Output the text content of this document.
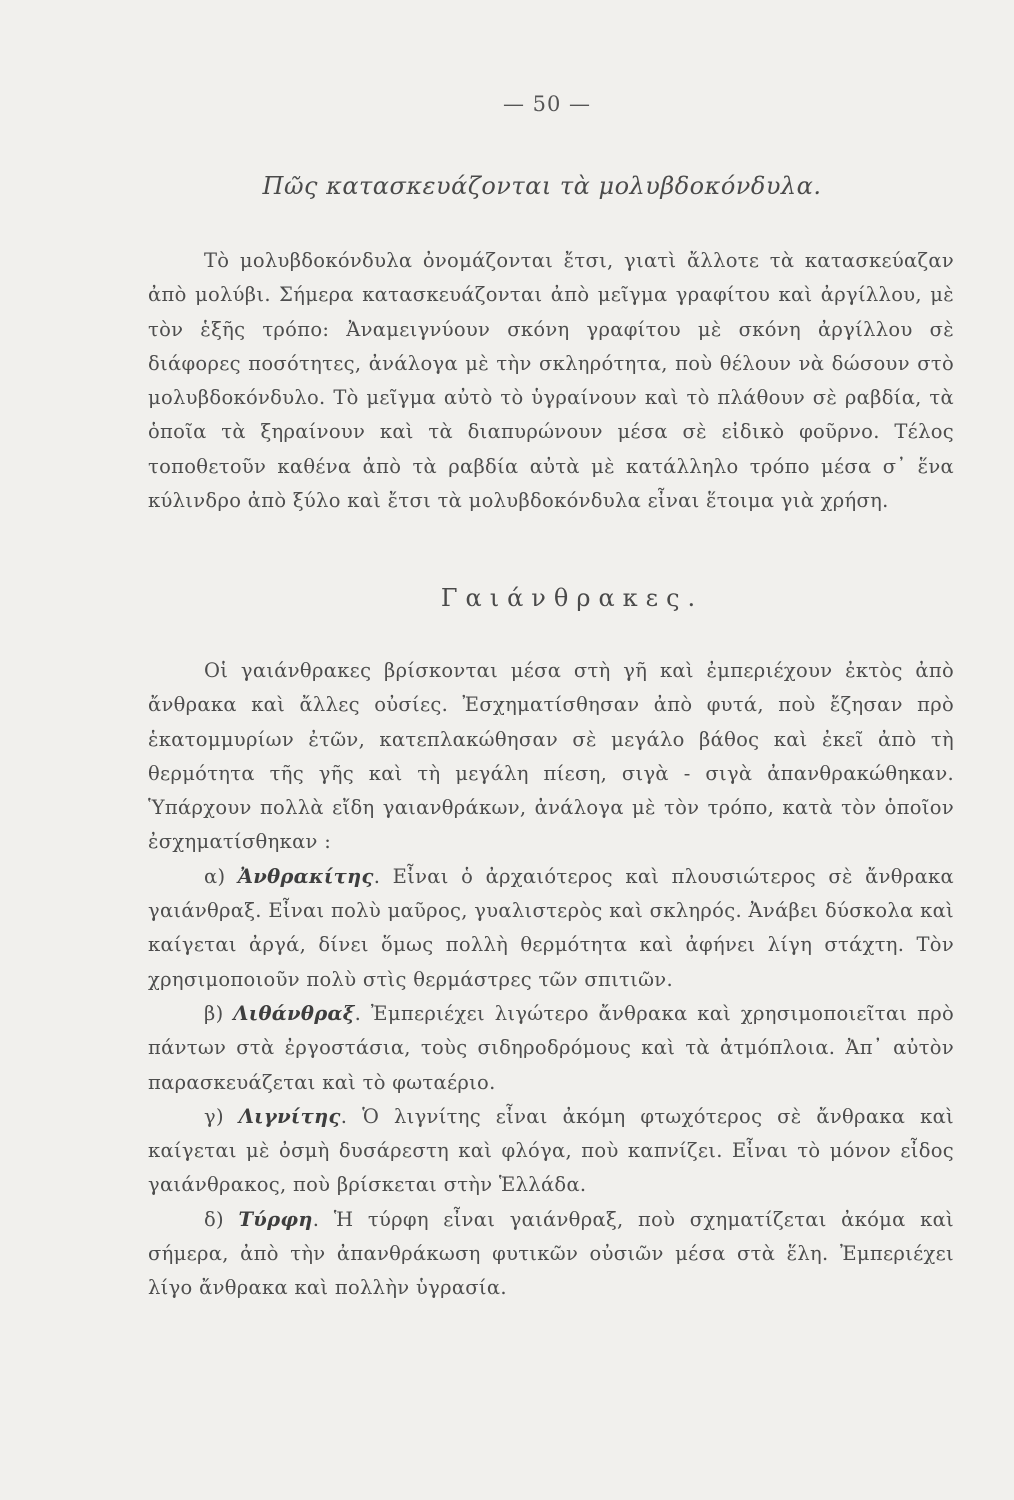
— 50 —
Πῶς κατασκευάζονται τὰ μολυβδοκόνδυλα.

Τὸ μολυβδοκόνδυλα ὀνομάζονται ἔτσι, γιατὶ ἄλλοτε τὰ κατασκεύαζαν ἀπὸ μολύβι. Σήμερα κατασκευάζονται ἀπὸ μεῖγμα γραφίτου καὶ ἀργίλλου, μὲ τὸν ἑξῆς τρόπο: Ἀναμειγνύουν σκόνη γραφίτου μὲ σκόνη ἀργίλλου σὲ διάφορες ποσότητες, ἀνάλογα μὲ τὴν σκληρότητα, ποὺ θέλουν νὰ δώσουν στὸ μολυβδοκόνδυλο. Τὸ μεῖγμα αὐτὸ τὸ ὑγραίνουν καὶ τὸ πλάθουν σὲ ραβδία, τὰ ὁποῖα τὰ ξηραίνουν καὶ τὰ διαπυρώνουν μέσα σὲ εἰδικὸ φοῦρνο. Τέλος τοποθετοῦν καθένα ἀπὸ τὰ ραβδία αὐτὰ μὲ κατάλληλο τρόπο μέσα σ᾿ ἕνα κύλινδρο ἀπὸ ξύλο καὶ ἔτσι τὰ μολυβδοκόνδυλα εἶναι ἕτοιμα γιὰ χρήση.

Γαιάνθρακες.

Οἱ γαιάνθρακες βρίσκονται μέσα στὴ γῆ καὶ ἐμπεριέχουν ἐκτὸς ἀπὸ ἄνθρακα καὶ ἄλλες οὐσίες. Ἐσχηματίσθησαν ἀπὸ φυτά, ποὺ ἔζησαν πρὸ ἑκατομμυρίων ἐτῶν, κατεπλακώθησαν σὲ μεγάλο βάθος καὶ ἐκεῖ ἀπὸ τὴ θερμότητα τῆς γῆς καὶ τὴ μεγάλη πίεση, σιγὰ - σιγὰ ἀπανθρακώθηκαν. Ὑπάρχουν πολλὰ εἴδη γαιανθράκων, ἀνάλογα μὲ τὸν τρόπο, κατὰ τὸν ὁποῖον ἐσχηματίσθηκαν :

α) Ἀνθρακίτης. Εἶναι ὁ ἀρχαιότερος καὶ πλουσιώτερος σὲ ἄνθρακα γαιάνθραξ. Εἶναι πολὺ μαῦρος, γυαλιστερὸς καὶ σκληρός. Ἀνάβει δύσκολα καὶ καίγεται ἀργά, δίνει ὅμως πολλὴ θερμότητα καὶ ἀφήνει λίγη στάχτη. Τὸν χρησιμοποιοῦν πολὺ στὶς θερμάστρες τῶν σπιτιῶν.

β) Λιθάνθραξ. Ἐμπεριέχει λιγώτερο ἄνθρακα καὶ χρησιμοποιεῖται πρὸ πάντων στὰ ἐργοστάσια, τοὺς σιδηροδρόμους καὶ τὰ ἀτμόπλοια. Ἀπ᾿ αὐτὸν παρασκευάζεται καὶ τὸ φωταέριο.

γ) Λιγνίτης. Ὁ λιγνίτης εἶναι ἀκόμη φτωχότερος σὲ ἄνθρακα καὶ καίγεται μὲ ὀσμὴ δυσάρεστη καὶ φλόγα, ποὺ καπνίζει. Εἶναι τὸ μόνον εἶδος γαιάνθρακος, ποὺ βρίσκεται στὴν Ἑλλάδα.

δ) Τύρφη. Ἡ τύρφη εἶναι γαιάνθραξ, ποὺ σχηματίζεται ἀκόμα καὶ σήμερα, ἀπὸ τὴν ἀπανθράκωση φυτικῶν οὐσιῶν μέσα στὰ ἕλη. Ἐμπεριέχει λίγο ἄνθρακα καὶ πολλὴν ὑγρασία.
